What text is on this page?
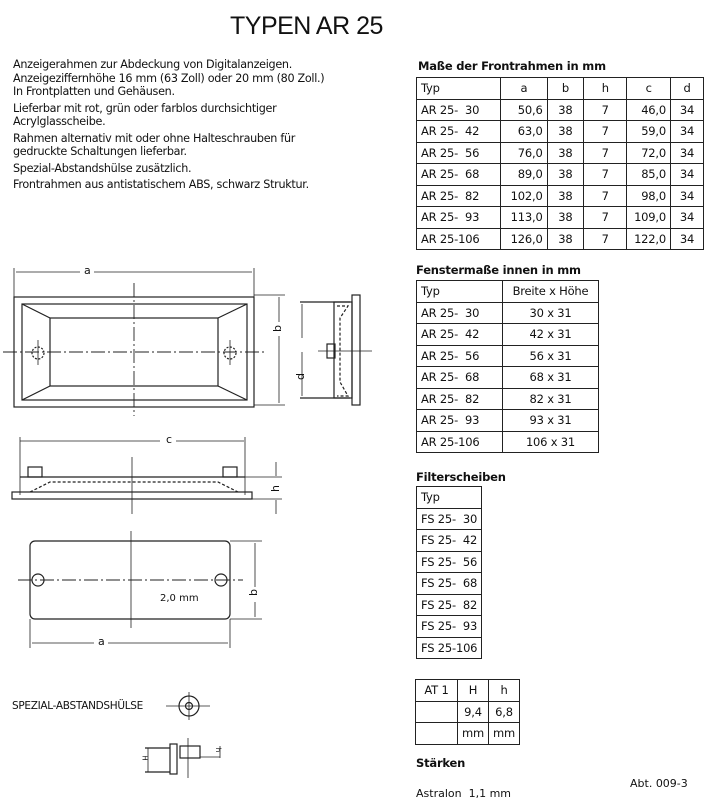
TYPEN AR 25

Anzeigerahmen zur Abdeckung von Digitalanzeigen.
Anzeigeziffernhöhe 16 mm (63 Zoll) oder 20 mm (80 Zoll.)
In Frontplatten und Gehäusen.

Lieferbar mit rot, grün oder farblos durchsichtiger
Acrylglasscheibe.

Rahmen alternativ mit oder ohne Halteschrauben für
gedruckte Schaltungen lieferbar.

Spezial-Abstandshülse zusätzlich.

Frontrahmen aus antistatischem ABS, schwarz Struktur.

Maße der Frontrahmen in mm
Typ	a	b	h	c	d
AR 25-  30	50,6	38	7	46,0	34
AR 25-  42	63,0	38	7	59,0	34
AR 25-  56	76,0	38	7	72,0	34
AR 25-  68	89,0	38	7	85,0	34
AR 25-  82	102,0	38	7	98,0	34
AR 25-  93	113,0	38	7	109,0	34
AR 25-106	126,0	38	7	122,0	34
Fenstermaße innen in mm
Typ	Breite x Höhe
AR 25-  30	30 x 31
AR 25-  42	42 x 31
AR 25-  56	56 x 31
AR 25-  68	68 x 31
AR 25-  82	82 x 31
AR 25-  93	93 x 31
AR 25-106	106 x 31
Filterscheiben
Typ
FS 25-  30
FS 25-  42
FS 25-  56
FS 25-  68
FS 25-  82
FS 25-  93
FS 25-106
AT 1	H	h
	9,4	6,8
	mm	mm
Stärken
Astralon  1,1 mm
Abt. 009-3
a
b
d
c
h
2,0 mm
b
a
SPEZIAL-ABSTANDSHÜLSE
H
h
